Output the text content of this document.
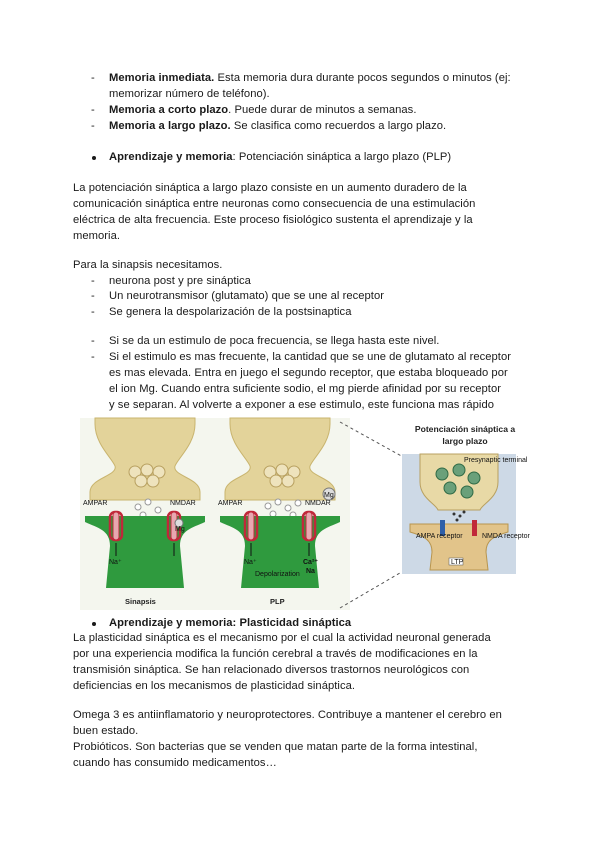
- Memoria inmediata. Esta memoria dura durante pocos segundos o minutos (ej:
memorizar número de teléfono).
- Memoria a corto plazo. Puede durar de minutos a semanas.
- Memoria a largo plazo. Se clasifica como recuerdos a largo plazo.
Aprendizaje y memoria: Potenciación sináptica a largo plazo (PLP)
La potenciación sináptica a largo plazo consiste en un aumento duradero de la
comunicación sináptica entre neuronas como consecuencia de una estimulación
eléctrica de alta frecuencia. Este proceso fisiológico sustenta el aprendizaje y la
memoria.
Para la sinapsis necesitamos.
- neurona post y pre sináptica
- Un neurotransmisor (glutamato) que se une al receptor
- Se genera la despolarización de la postsinaptica
- Si se da un estimulo de poca frecuencia, se llega hasta este nivel.
- Si el estimulo es mas frecuente, la cantidad que se une de glutamato al receptor
es mas elevada. Entra en juego el segundo receptor, que estaba bloqueado por
el ion Mg. Cuando entra suficiente sodio, el mg pierde afinidad por su receptor
y se separan. Al volverte a exponer a ese estimulo, este funciona mas rápido
AMPAR	NMDAR
Mg
Na⁺
Sinapsis
AMPAR	NMDAR
Mg
Na⁺	Ca²⁺
Na
Depolarization
PLP
Potenciación sináptica a
largo plazo
Presynaptic terminal
AMPA receptor	NMDA receptor
LTP
Aprendizaje y memoria: Plasticidad sináptica
La plasticidad sináptica es el mecanismo por el cual la actividad neuronal generada
por una experiencia modifica la función cerebral a través de modificaciones en la
transmisión sináptica. Se han relacionado diversos trastornos neurológicos con
deficiencias en los mecanismos de plasticidad sináptica.
Omega 3 es antiinflamatorio y neuroprotectores. Contribuye a mantener el cerebro en
buen estado.
Probióticos. Son bacterias que se venden que matan parte de la forma intestinal,
cuando has consumido medicamentos…
